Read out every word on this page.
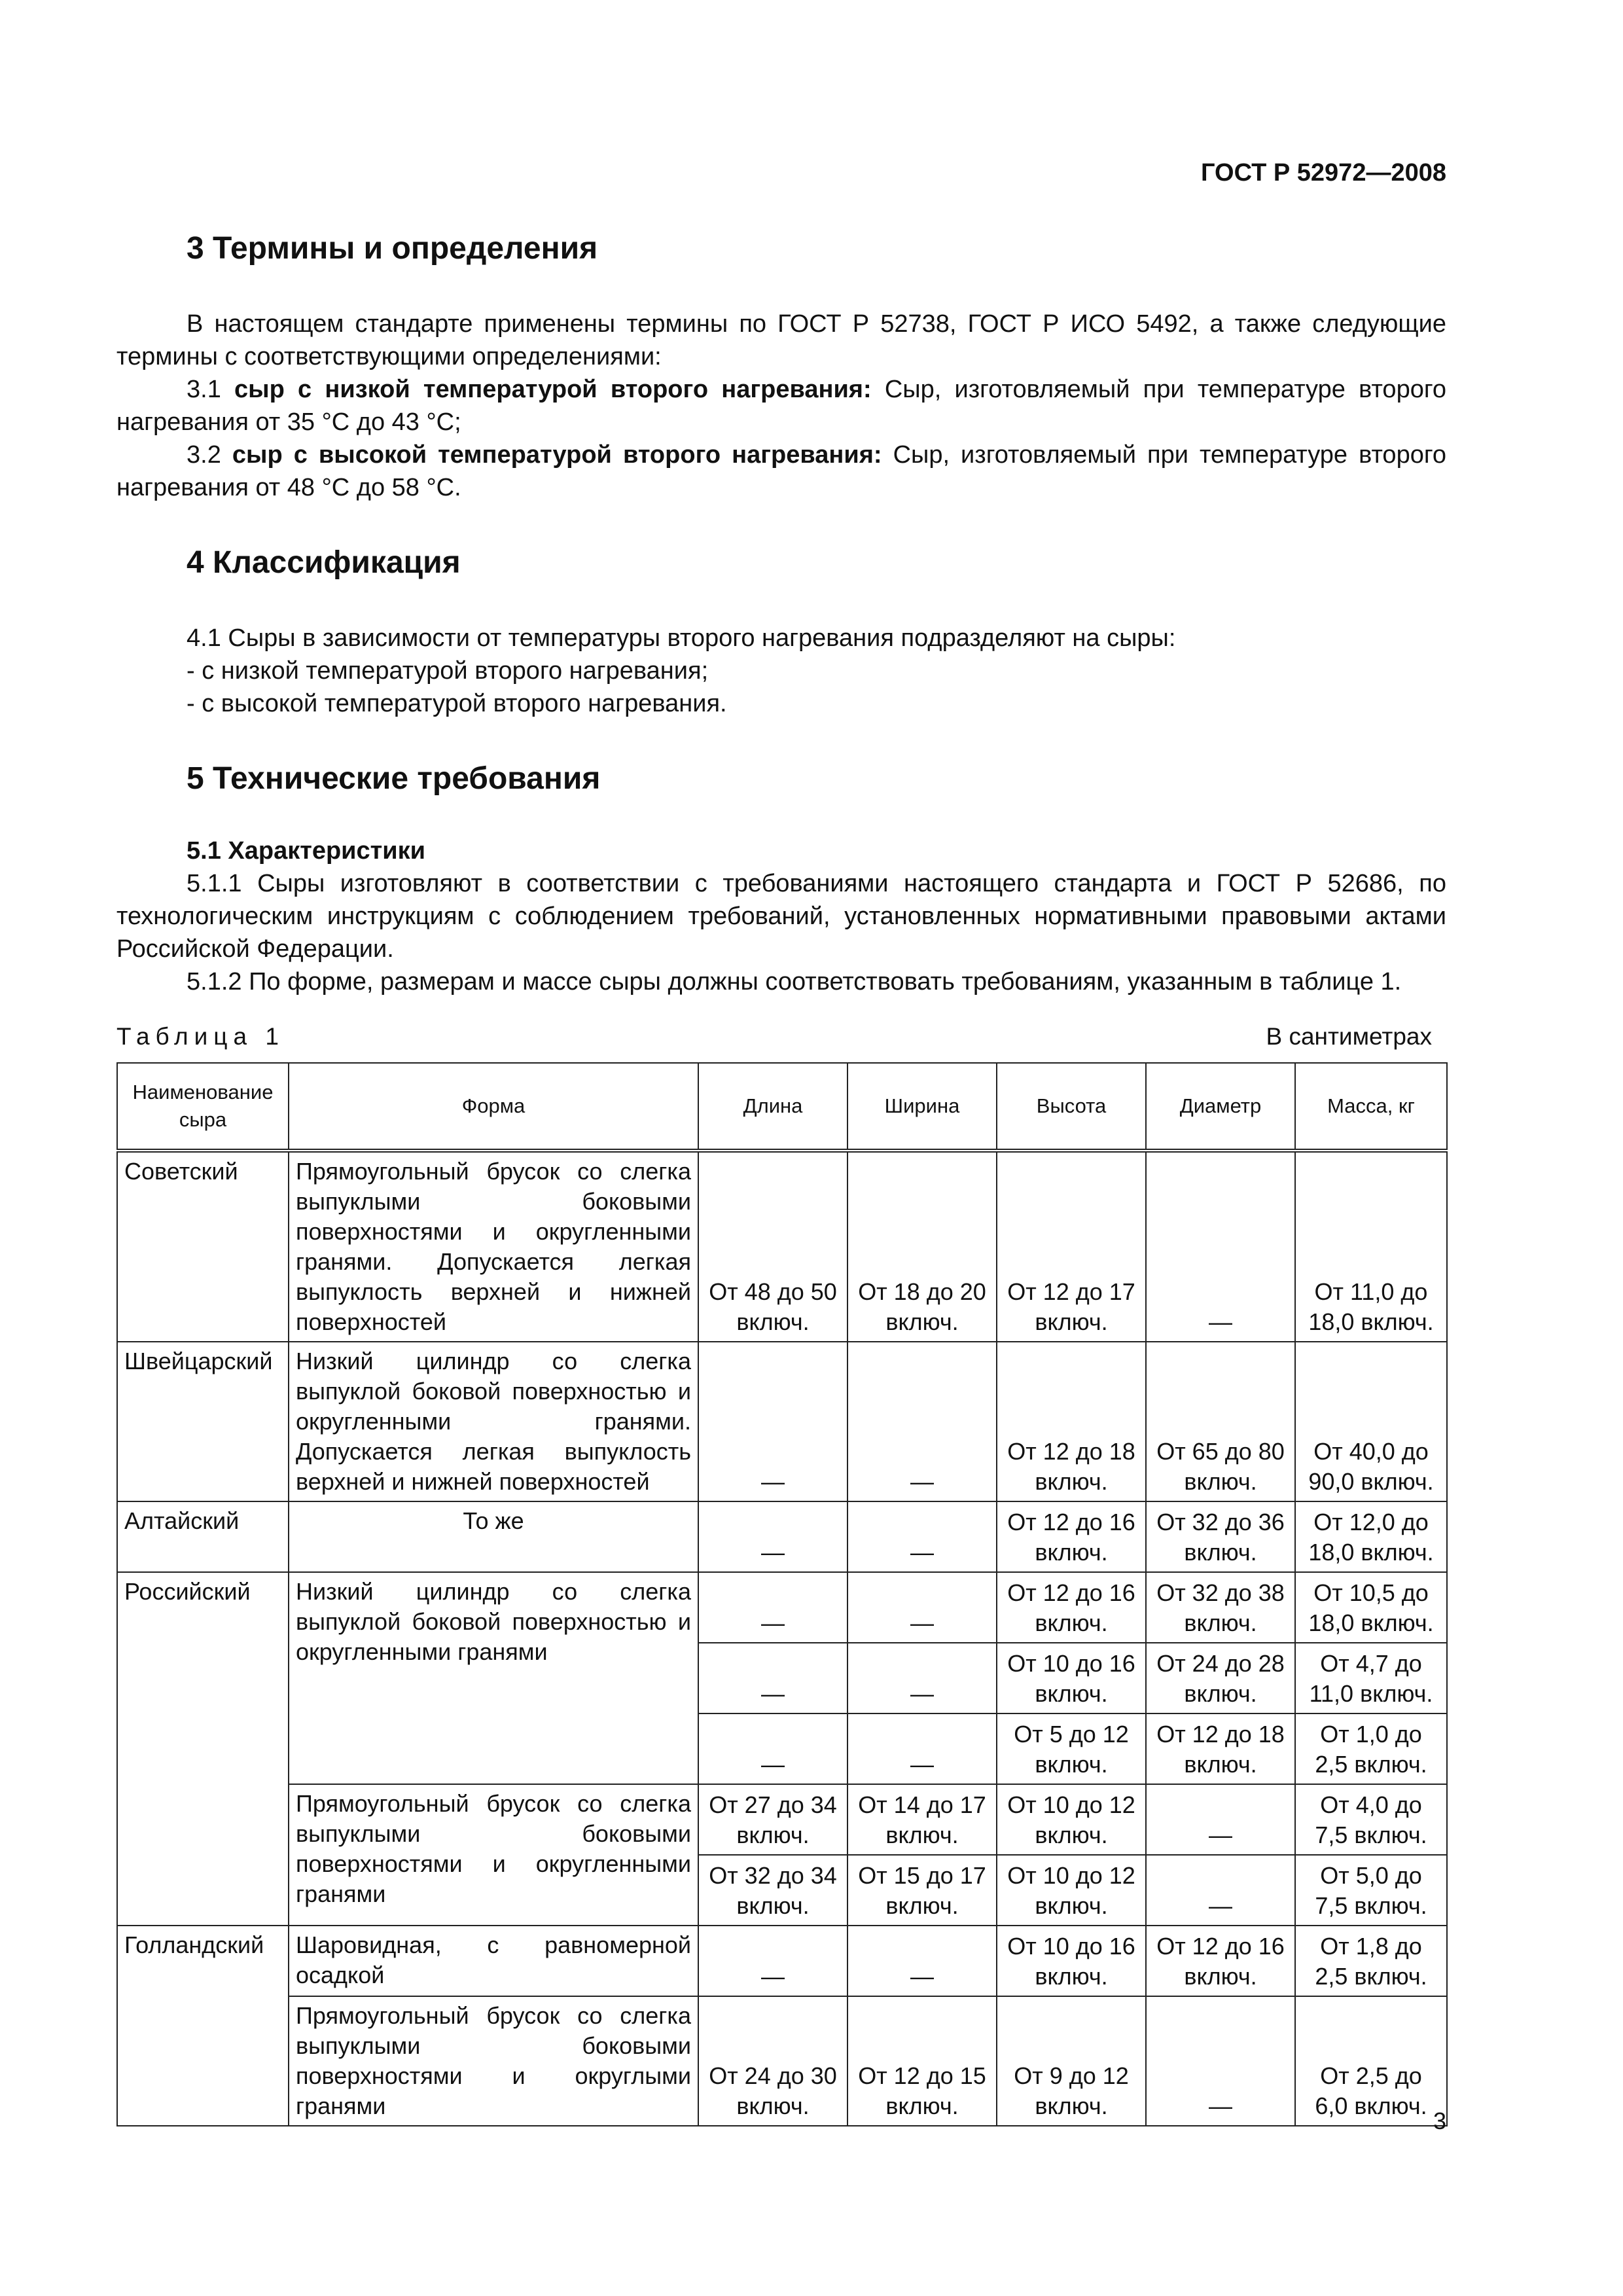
ГОСТ Р 52972—2008
3 Термины и определения

В настоящем стандарте применены термины по ГОСТ Р 52738, ГОСТ Р ИСО 5492, а также следующие термины с соответствующими определениями:

3.1 сыр с низкой температурой второго нагревания: Сыр, изготовляемый при температуре второго нагревания от 35 °С до 43 °С;

3.2 сыр с высокой температурой второго нагревания: Сыр, изготовляемый при температуре второго нагревания от 48 °С до 58 °С.

4 Классификация

4.1 Сыры в зависимости от температуры второго нагревания подразделяют на сыры:

- с низкой температурой второго нагревания;

- с высокой температурой второго нагревания.

5 Технические требования
5.1 Характеристики

5.1.1 Сыры изготовляют в соответствии с требованиями настоящего стандарта и ГОСТ Р 52686, по технологическим инструкциям с соблюдением требований, установленных нормативными правовыми актами Российской Федерации.

5.1.2 По форме, размерам и массе сыры должны соответствовать требованиям, указанным в таблице 1.

Таблица 1	В сантиметрах
Наименование сыра	Форма	Длина	Ширина	Высота	Диаметр	Масса, кг
Советский	Прямоугольный брусок со слегка выпуклыми боковыми поверхностями и округленными гранями. Допускается легкая выпуклость верхней и нижней поверхностей	От 48 до 50 включ.	От 18 до 20 включ.	От 12 до 17 включ.	—	От 11,0 до 18,0 включ.
Швейцарский	Низкий цилиндр со слегка выпуклой боковой поверхностью и округленными гранями. Допускается легкая выпуклость верхней и нижней поверхностей	—	—	От 12 до 18 включ.	От 65 до 80 включ.	От 40,0 до 90,0 включ.
Алтайский	То же	—	—	От 12 до 16 включ.	От 32 до 36 включ.	От 12,0 до 18,0 включ.
Российский	Низкий цилиндр со слегка выпуклой боковой поверхностью и округленными гранями	—	—	От 12 до 16 включ.	От 32 до 38 включ.	От 10,5 до 18,0 включ.
		—	—	От 10 до 16 включ.	От 24 до 28 включ.	От 4,7 до 11,0 включ.
		—	—	От 5 до 12 включ.	От 12 до 18 включ.	От 1,0 до 2,5 включ.
	Прямоугольный брусок со слегка выпуклыми боковыми поверхностями и округленными гранями	От 27 до 34 включ.	От 14 до 17 включ.	От 10 до 12 включ.	—	От 4,0 до 7,5 включ.
		От 32 до 34 включ.	От 15 до 17 включ.	От 10 до 12 включ.	—	От 5,0 до 7,5 включ.
Голландский	Шаровидная, с равномерной осадкой	—	—	От 10 до 16 включ.	От 12 до 16 включ.	От 1,8 до 2,5 включ.
	Прямоугольный брусок со слегка выпуклыми боковыми поверхностями и округлыми гранями	От 24 до 30 включ.	От 12 до 15 включ.	От 9 до 12 включ.	—	От 2,5 до 6,0 включ.
3
